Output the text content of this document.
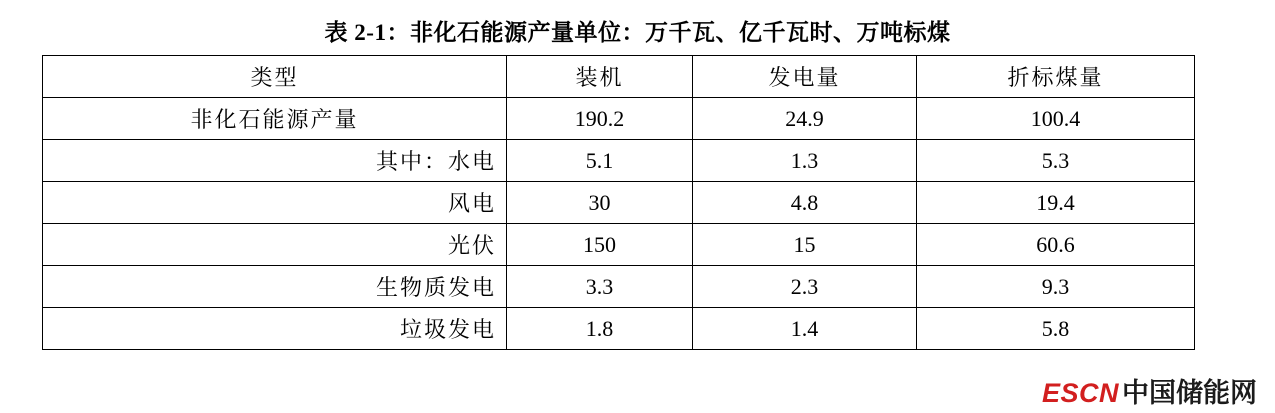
表 2-1：非化石能源产量单位：万千瓦、亿千瓦时、万吨标煤
类型	装机	发电量	折标煤量
非化石能源产量	190.2	24.9	100.4
其中：水电	5.1	1.3	5.3
风电	30	4.8	19.4
光伏	150	15	60.6
生物质发电	3.3	2.3	9.3
垃圾发电	1.8	1.4	5.8
ESCN 中国储能网
